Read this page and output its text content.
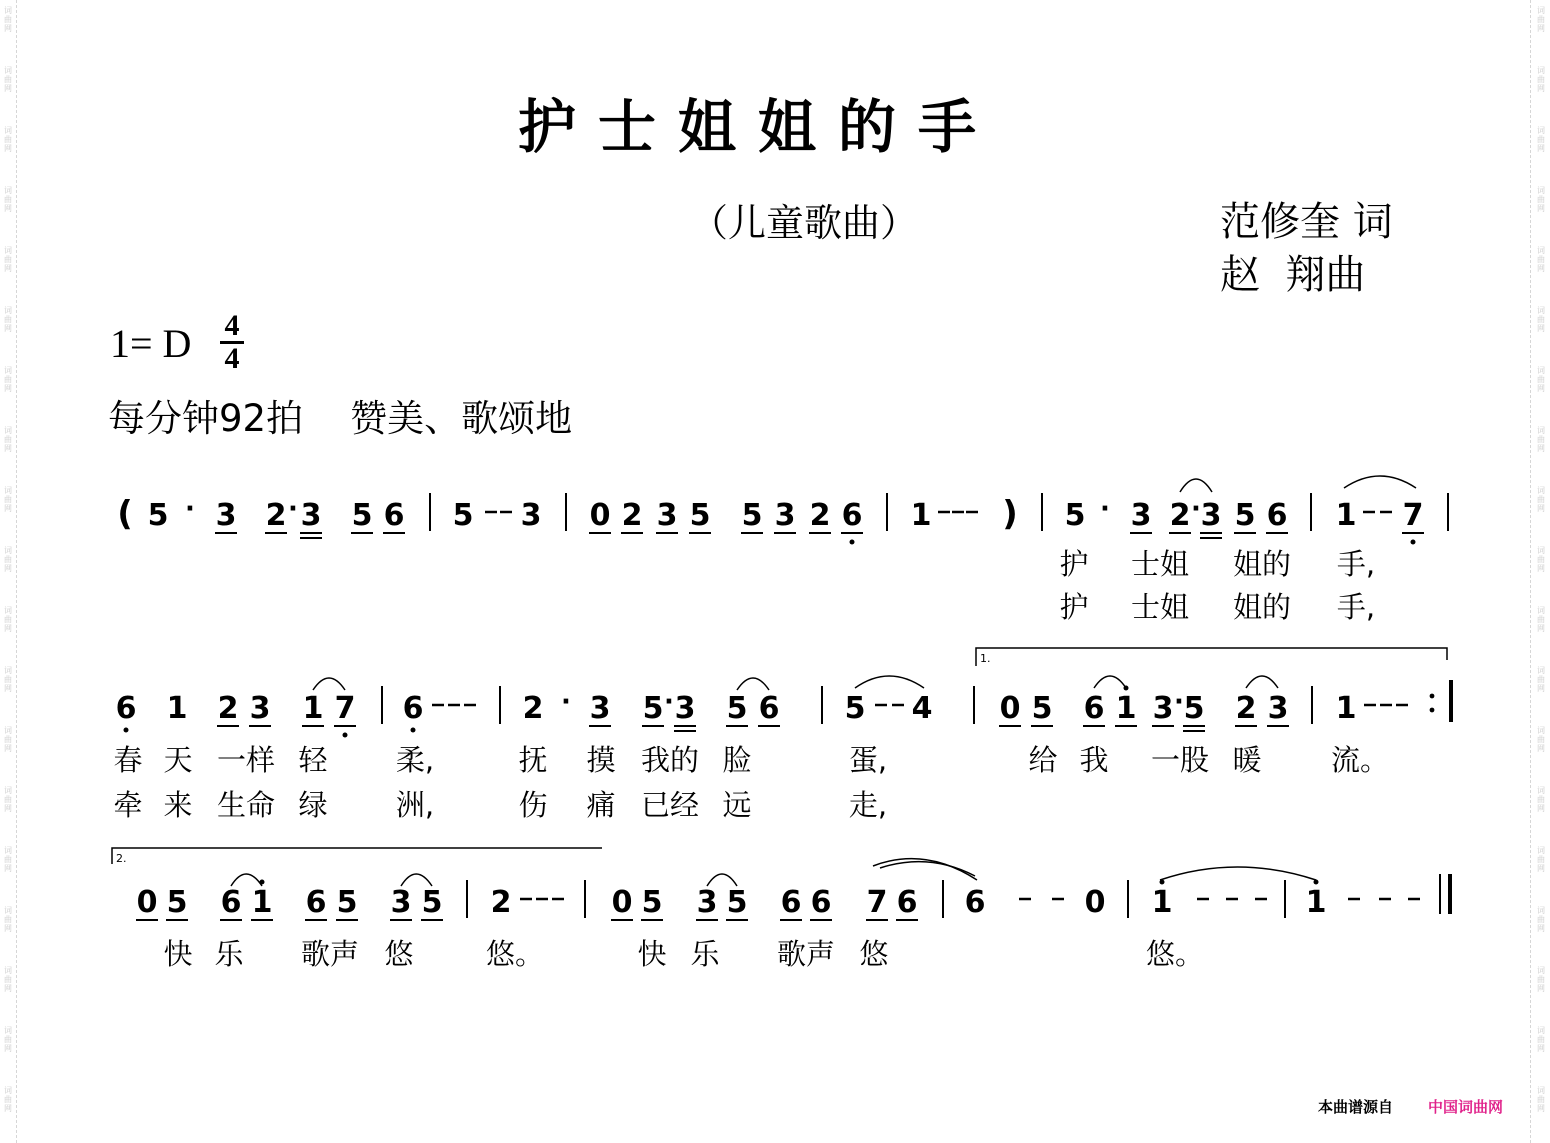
词
曲
网
词
曲
网
词
曲
网
词
曲
网
词
曲
网
词
曲
网
词
曲
网
词
曲
网
词
曲
网
词
曲
网
词
曲
网
词
曲
网
词
曲
网
词
曲
网
词
曲
网
词
曲
网
词
曲
网
词
曲
网
词
曲
网
词
曲
网
词
曲
网
词
曲
网
词
曲
网
词
曲
网
词
曲
网
词
曲
网
词
曲
网
词
曲
网
词
曲
网
词
曲
网
词
曲
网
词
曲
网
词
曲
网
词
曲
网
词
曲
网
词
曲
网
词
曲
网
词
曲
网
护士姐姐的手
（儿童歌曲）	范修奎 词
赵  翔曲
1= D 4
4
每分钟92拍    赞美、歌颂地
1.
2.
( 5 · 3 2 · 3 5 6 5 3 0 2 3 5 5 3 2 6 1 ) 5 · 3 2 · 3 5 6 1 7
护 士姐 姐的 手,
护 士姐 姐的 手,
6 1 2 3 1 7 6	2 · 3 5 · 3 5 6 5 4 0 5 6 1 3 · 5 2 3 1
春 天 一样 轻 柔,	抚 摸 我的 脸	蛋,	给 我 一股 暖 流。
牵 来 生命 绿 洲,	伤 痛 已经 远	走,
0 5 6 1 6 5 3 5 2	0 5 3 5 6 6 7 6 6	0 1	1
快 乐 歌声 悠 悠。	快 乐 歌声 悠	悠。
本曲谱源自 中国词曲网
